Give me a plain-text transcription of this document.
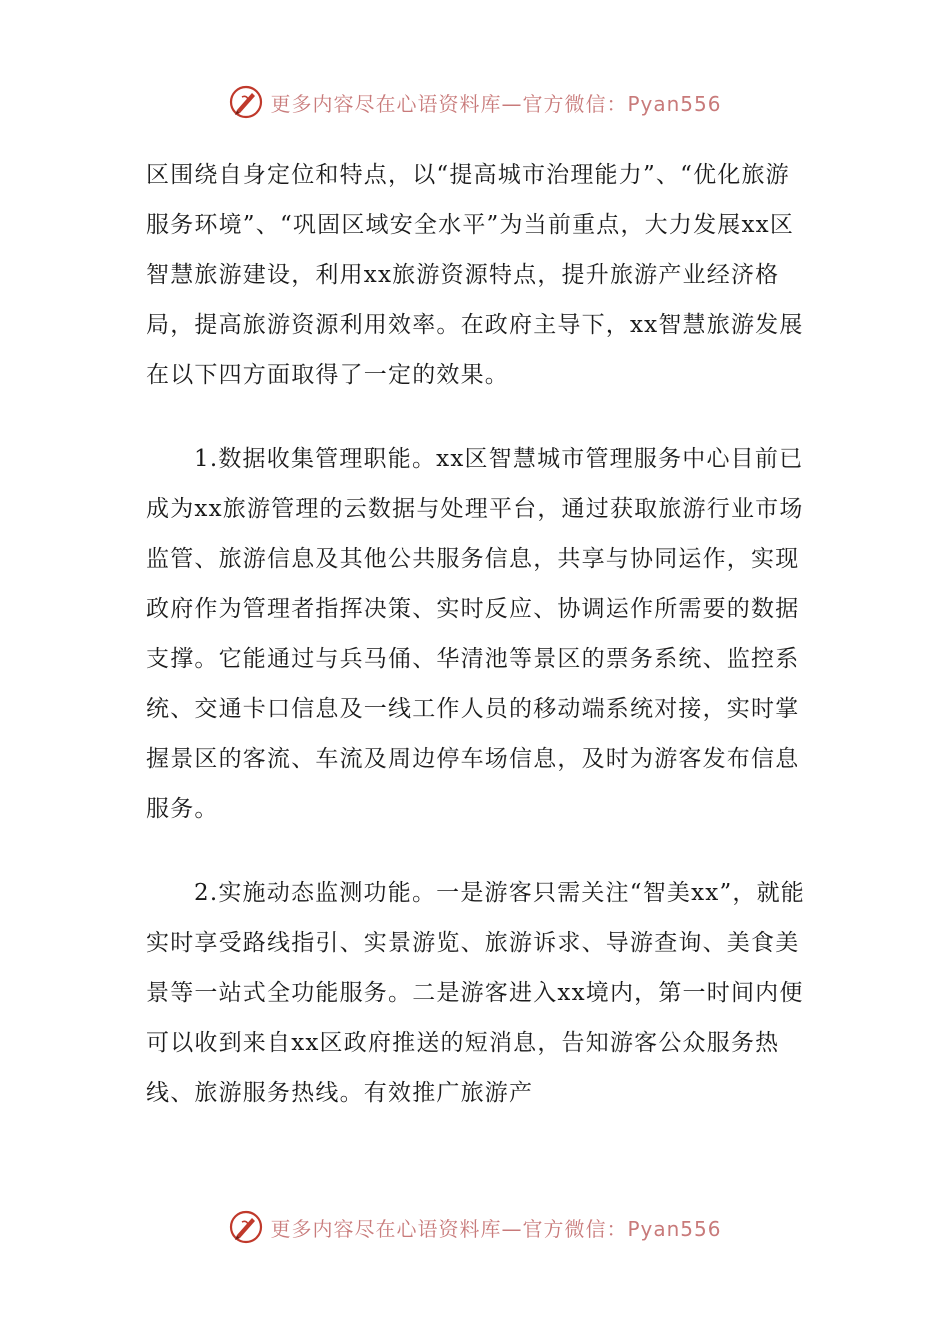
更多内容尽在心语资料库—官方微信：Pyan556

区围绕自身定位和特点，以“提高城市治理能力”、“优化旅游服务环境”、“巩固区域安全水平”为当前重点，大力发展xx区智慧旅游建设，利用xx旅游资源特点，提升旅游产业经济格局，提高旅游资源利用效率。在政府主导下，xx智慧旅游发展在以下四方面取得了一定的效果。

1.数据收集管理职能。xx区智慧城市管理服务中心目前已成为xx旅游管理的云数据与处理平台，通过获取旅游行业市场监管、旅游信息及其他公共服务信息，共享与协同运作，实现政府作为管理者指挥决策、实时反应、协调运作所需要的数据支撑。它能通过与兵马俑、华清池等景区的票务系统、监控系统、交通卡口信息及一线工作人员的移动端系统对接，实时掌握景区的客流、车流及周边停车场信息，及时为游客发布信息服务。

2.实施动态监测功能。一是游客只需关注“智美xx”，就能实时享受路线指引、实景游览、旅游诉求、导游查询、美食美景等一站式全功能服务。二是游客进入xx境内，第一时间内便可以收到来自xx区政府推送的短消息，告知游客公众服务热线、旅游服务热线。有效推广旅游产

更多内容尽在心语资料库—官方微信：Pyan556
